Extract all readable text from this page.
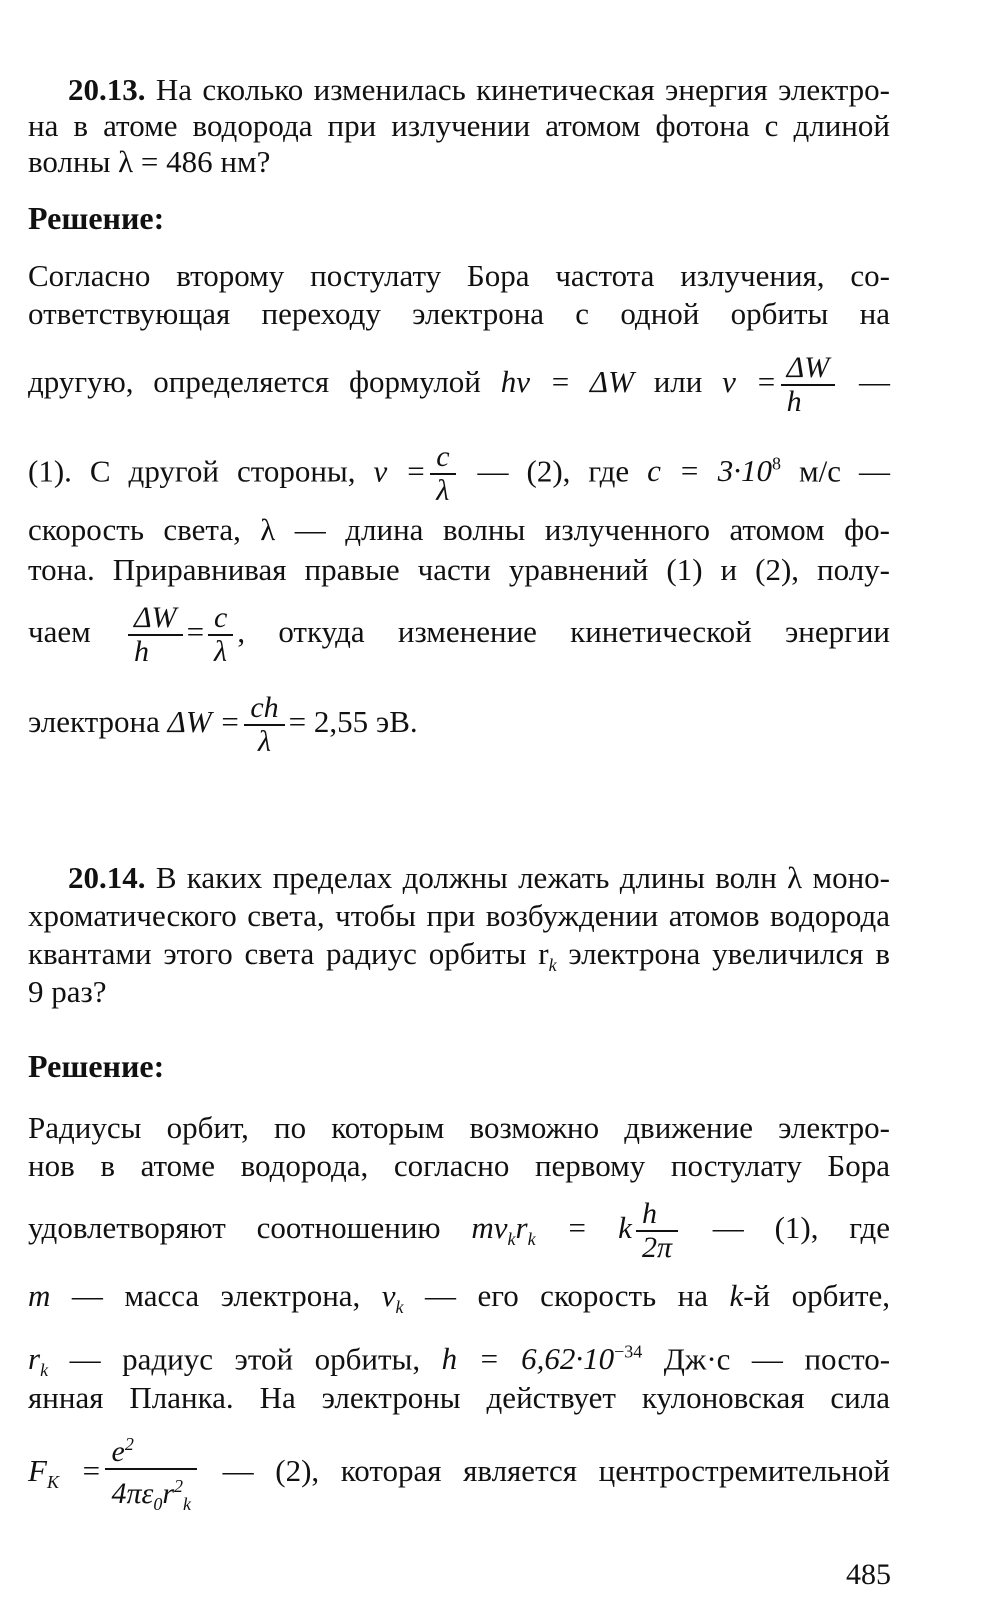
20.13. На сколько изменилась кинетическая энергия электро-
на в атоме водорода при излучении атомом фотона с длиной
волны λ = 486 нм?
Решение:
Согласно второму постулату Бора частота излучения, со-
ответствующая переходу электрона с одной орбиты на
другую, определяется формулой hν = ΔW или $\nu = \frac{\Delta W}{h}$ —
(1). С другой стороны, $\nu = \frac{c}{\lambda}$ — (2), где $c = 3\cdot 10^8$ м/с —
скорость света, λ — длина волны излученного атомом фо-
тона. Приравнивая правые части уравнений (1) и (2), полу-
чаем $\frac{\Delta W}{h} = \frac{c}{\lambda}$ , откуда изменение кинетической энергии
электрона $\Delta W = \frac{ch}{\lambda} = 2,55$ эВ.
20.14. В каких пределах должны лежать длины волн λ моно-
хроматического света, чтобы при возбуждении атомов водорода
квантами этого света радиус орбиты $r_k$ электрона увеличился в
9 раз?
Решение:
Радиусы орбит, по которым возможно движение электро-
нов в атоме водорода, согласно первому постулату Бора
удовлетворяют соотношению $mv_kr_k = k \frac{h}{2\pi}$ — (1), где
m — масса электрона, $v_k$ — его скорость на k-й орбите,
$r_k$ — радиус этой орбиты, $h = 6,62\cdot 10^{-34}$ Дж·с — посто-
янная Планка. На электроны действует кулоновская сила
$F_K = \frac{e^2}{4\pi\varepsilon_0r^2_k}$ — (2), которая является центростремительной
485
